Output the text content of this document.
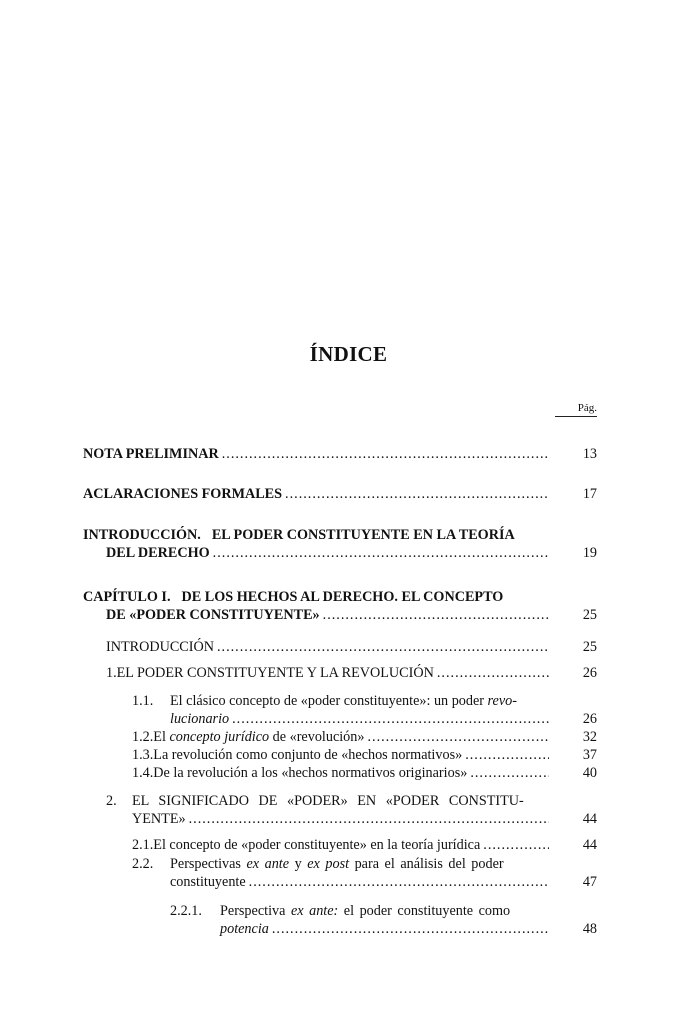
ÍNDICE
Pág.
NOTA PRELIMINAR .....	13
ACLARACIONES FORMALES .....	17
INTRODUCCIÓN. EL PODER CONSTITUYENTE EN LA TEORÍA
DEL DERECHO .....	19
CAPÍTULO I. DE LOS HECHOS AL DERECHO. EL CONCEPTO
DE «PODER CONSTITUYENTE» .....	25
INTRODUCCIÓN .....	25
1. EL PODER CONSTITUYENTE Y LA REVOLUCIÓN .....	26
1.1.	El clásico concepto de «poder constituyente»: un poder revo-
lucionario .....	26
1.2. El concepto jurídico de «revolución» .....	32
1.3. La revolución como conjunto de «hechos normativos» .....	37
1.4. De la revolución a los «hechos normativos originarios» .....	40
2.	EL SIGNIFICADO DE «PODER» EN «PODER CONSTITU-
YENTE» .....	44
2.1. El concepto de «poder constituyente» en la teoría jurídica .....	44
2.2.	Perspectivas ex ante y ex post para el análisis del poder
constituyente .....	47
2.2.1.	Perspectiva ex ante: el poder constituyente como
potencia .....	48
